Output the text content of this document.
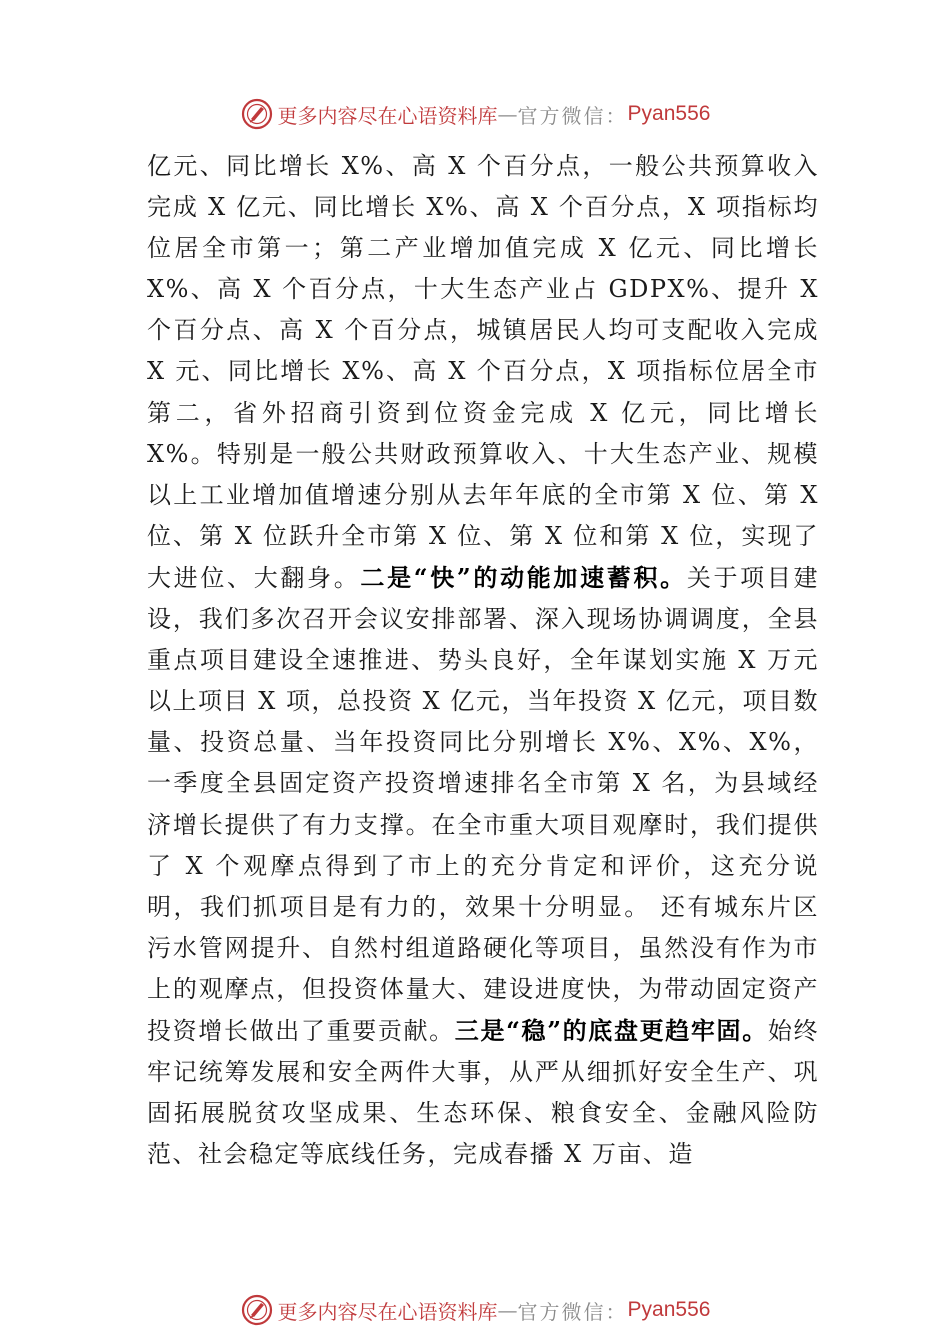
更多内容尽在心语资料库 — 官方微信： Pyan556

亿元、同比增长 X%、高 X 个百分点，一般公共预算收入完成 X 亿元、同比增长 X%、高 X 个百分点，X 项指标均位居全市第一；第二产业增加值完成 X 亿元、同比增长 X%、高 X 个百分点，十大生态产业占 GDPX%、提升 X 个百分点、高 X 个百分点，城镇居民人均可支配收入完成 X 元、同比增长 X%、高 X 个百分点，X 项指标位居全市第二，省外招商引资到位资金完成 X 亿元，同比增长 X%。特别是一般公共财政预算收入、十大生态产业、规模以上工业增加值增速分别从去年年底的全市第 X 位、第 X 位、第 X 位跃升全市第 X 位、第 X 位和第 X 位，实现了大进位、大翻身。二是“快”的动能加速蓄积。关于项目建设，我们多次召开会议安排部署、深入现场协调调度，全县重点项目建设全速推进、势头良好，全年谋划实施 X 万元以上项目 X 项，总投资 X 亿元，当年投资 X 亿元，项目数量、投资总量、当年投资同比分别增长 X%、X%、X%，一季度全县固定资产投资增速排名全市第 X 名，为县域经济增长提供了有力支撑。在全市重大项目观摩时，我们提供了 X 个观摩点得到了市上的充分肯定和评价，这充分说明，我们抓项目是有力的，效果十分明显。 还有城东片区污水管网提升、自然村组道路硬化等项目，虽然没有作为市上的观摩点，但投资体量大、建设进度快，为带动固定资产投资增长做出了重要贡献。三是“稳”的底盘更趋牢固。始终牢记统筹发展和安全两件大事，从严从细抓好安全生产、巩固拓展脱贫攻坚成果、生态环保、粮食安全、金融风险防范、社会稳定等底线任务，完成春播 X 万亩、造

更多内容尽在心语资料库 — 官方微信： Pyan556
